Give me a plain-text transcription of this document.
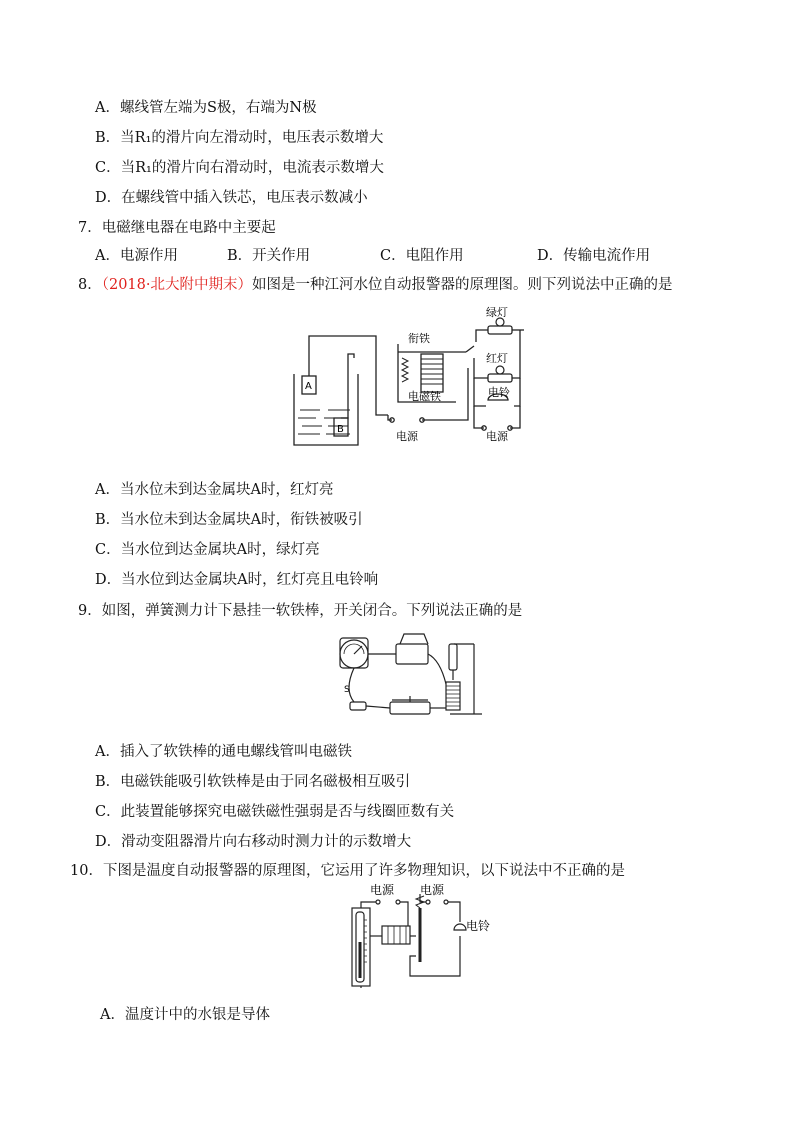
A．螺线管左端为S极，右端为N极
B．当R₁的滑片向左滑动时，电压表示数增大
C．当R₁的滑片向右滑动时，电流表示数增大
D．在螺线管中插入铁芯，电压表示数减小
7．电磁继电器在电路中主要起
A．电源作用	B．开关作用	C．电阻作用	D．传输电流作用
8．（2018·北大附中期末）如图是一种江河水位自动报警器的原理图。则下列说法中正确的是
A
B
衔铁
绿灯
红灯
电磁铁	电铃
电源	电源
A．当水位未到达金属块A时，红灯亮
B．当水位未到达金属块A时，衔铁被吸引
C．当水位到达金属块A时，绿灯亮
D．当水位到达金属块A时，红灯亮且电铃响
9．如图，弹簧测力计下悬挂一软铁棒，开关闭合。下列说法正确的是
S
A．插入了软铁棒的通电螺线管叫电磁铁
B．电磁铁能吸引软铁棒是由于同名磁极相互吸引
C．此装置能够探究电磁铁磁性强弱是否与线圈匝数有关
D．滑动变阻器滑片向右移动时测力计的示数增大
10．下图是温度自动报警器的原理图，它运用了许多物理知识，以下说法中不正确的是
电源 电源
电铃
A．温度计中的水银是导体
